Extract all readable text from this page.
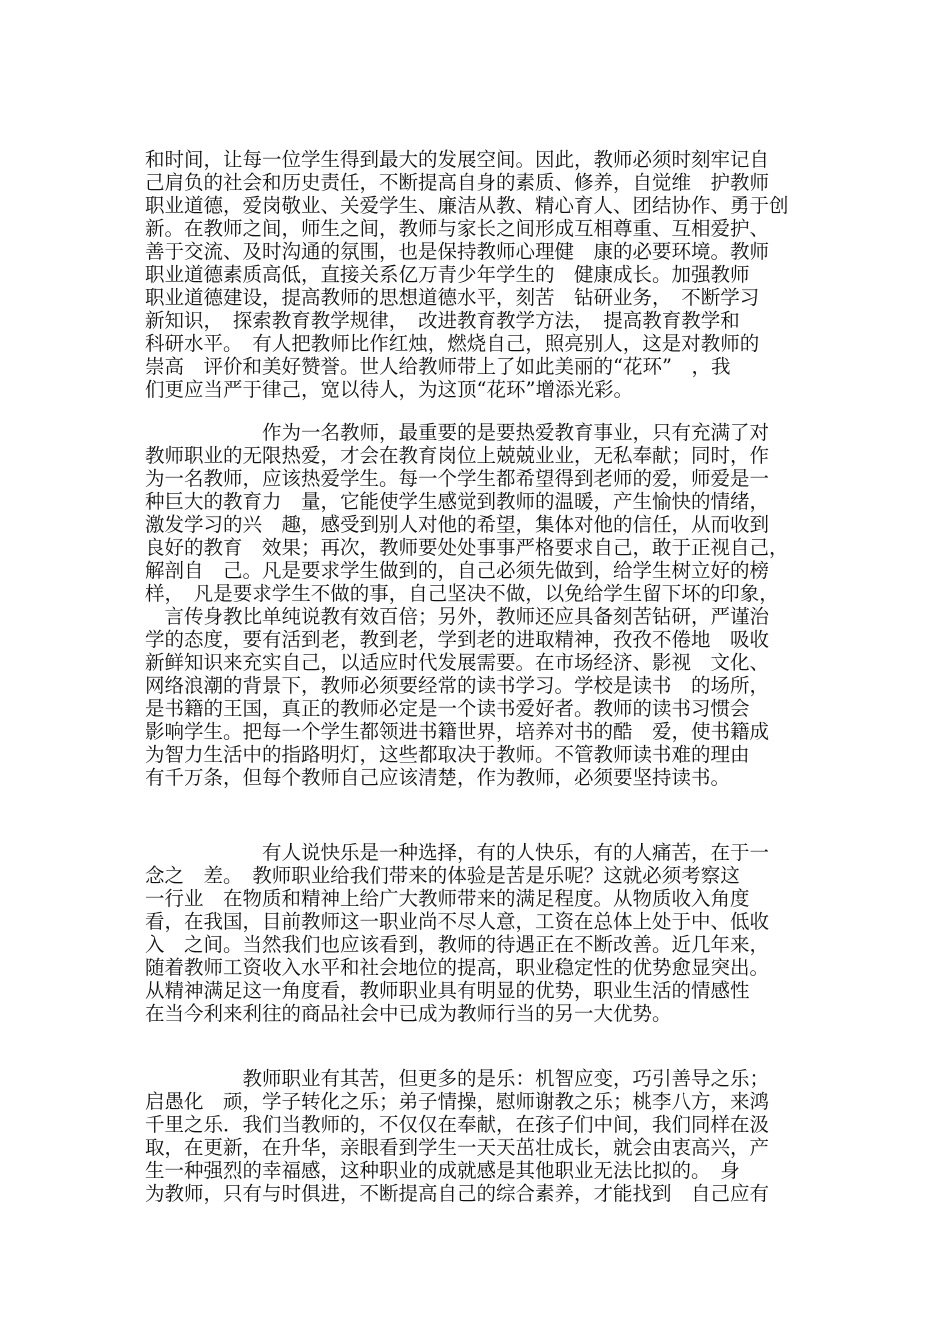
和时间，让每一位学生得到最大的发展空间。因此，教师必须时刻牢记自
己肩负的社会和历史责任，不断提高自身的素质、修养，自觉维　护教师
职业道德，爱岗敬业、关爱学生、廉洁从教、精心育人、团结协作、勇于创
新。在教师之间，师生之间，教师与家长之间形成互相尊重、互相爱护、
善于交流、及时沟通的氛围，也是保持教师心理健　康的必要环境。教师
职业道德素质高低，直接关系亿万青少年学生的　健康成长。加强教师
职业道德建设，提高教师的思想道德水平，刻苦　钻研业务，　不断学习
新知识，　探索教育教学规律，　改进教育教学方法，　提高教育教学和
科研水平。　有人把教师比作红烛，燃烧自己，照亮别人，这是对教师的
崇高　评价和美好赞誉。世人给教师带上了如此美丽的“花环”　，我
们更应当严于律己，宽以待人，为这顶“花环”增添光彩。
　　　　　　作为一名教师，最重要的是要热爱教育事业，只有充满了对
教师职业的无限热爱，才会在教育岗位上兢兢业业，无私奉献；同时，作
为一名教师，应该热爱学生。每一个学生都希望得到老师的爱，师爱是一
种巨大的教育力　量，它能使学生感觉到教师的温暖，产生愉快的情绪，
激发学习的兴　趣，感受到别人对他的希望，集体对他的信任，从而收到
良好的教育　效果；再次，教师要处处事事严格要求自己，敢于正视自己，
解剖自　己。凡是要求学生做到的，自己必须先做到，给学生树立好的榜
样，　凡是要求学生不做的事，自己坚决不做，以免给学生留下坏的印象，
　言传身教比单纯说教有效百倍；另外，教师还应具备刻苦钻研，严谨治
学的态度，要有活到老，教到老，学到老的进取精神，孜孜不倦地　吸收
新鲜知识来充实自己，以适应时代发展需要。在市场经济、影视　文化、
网络浪潮的背景下，教师必须要经常的读书学习。学校是读书　的场所，
是书籍的王国，真正的教师必定是一个读书爱好者。教师的读书习惯会
影响学生。把每一个学生都领进书籍世界，培养对书的酷　爱，使书籍成
为智力生活中的指路明灯，这些都取决于教师。不管教师读书难的理由
有千万条，但每个教师自己应该清楚，作为教师，必须要坚持读书。
　　　　　　有人说快乐是一种选择，有的人快乐，有的人痛苦，在于一
念之　差。　教师职业给我们带来的体验是苦是乐呢？这就必须考察这
一行业　在物质和精神上给广大教师带来的满足程度。从物质收入角度
看，在我国，目前教师这一职业尚不尽人意，工资在总体上处于中、低收
入　之间。当然我们也应该看到，教师的待遇正在不断改善。近几年来，
随着教师工资收入水平和社会地位的提高，职业稳定性的优势愈显突出。
从精神满足这一角度看，教师职业具有明显的优势，职业生活的情感性
在当今利来利往的商品社会中已成为教师行当的另一大优势。
　　　　　教师职业有其苦，但更多的是乐：机智应变，巧引善导之乐；
启愚化　顽，学子转化之乐；弟子情操，慰师谢教之乐；桃李八方，来鸿
千里之乐．我们当教师的，不仅仅在奉献，在孩子们中间，我们同样在汲
取，在更新，在升华，亲眼看到学生一天天茁壮成长，就会由衷高兴，产
生一种强烈的幸福感，这种职业的成就感是其他职业无法比拟的。　身
为教师，只有与时俱进，不断提高自己的综合素养，才能找到　自己应有
